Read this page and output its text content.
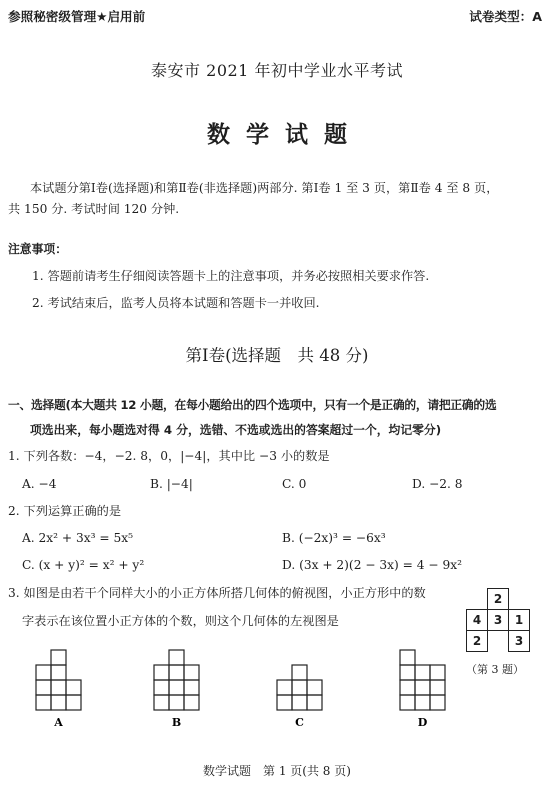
参照秘密级管理★启用前	试卷类型：A
泰安市 2021 年初中学业水平考试
数学试题
本试题分第Ⅰ卷(选择题)和第Ⅱ卷(非选择题)两部分. 第Ⅰ卷 1 至 3 页，第Ⅱ卷 4 至 8 页，
共 150 分. 考试时间 120 分钟.
注意事项：
1. 答题前请考生仔细阅读答题卡上的注意事项，并务必按照相关要求作答.
2. 考试结束后，监考人员将本试题和答题卡一并收回.
第Ⅰ卷(选择题　共 48 分)
一、选择题(本大题共 12 小题，在每小题给出的四个选项中，只有一个是正确的，请把正确的选
项选出来，每小题选对得 4 分，选错、不选或选出的答案超过一个，均记零分)
1. 下列各数：−4，−2. 8，0，|−4|，其中比 −3 小的数是
A. −4	B. |−4|	C. 0	D. −2. 8
2. 下列运算正确的是
A. 2x² + 3x³ = 5x⁵	B. (−2x)³ = −6x³
C. (x + y)² = x² + y²	D. (3x + 2)(2 − 3x) = 4 − 9x²
3. 如图是由若干个同样大小的小正方体所搭几何体的俯视图，小正方形中的数
字表示在该位置小正方体的个数，则这个几何体的左视图是
	2	
4	3	1
2		3
（第 3 题）
A	B	C	D
数学试题　第 1 页(共 8 页)
